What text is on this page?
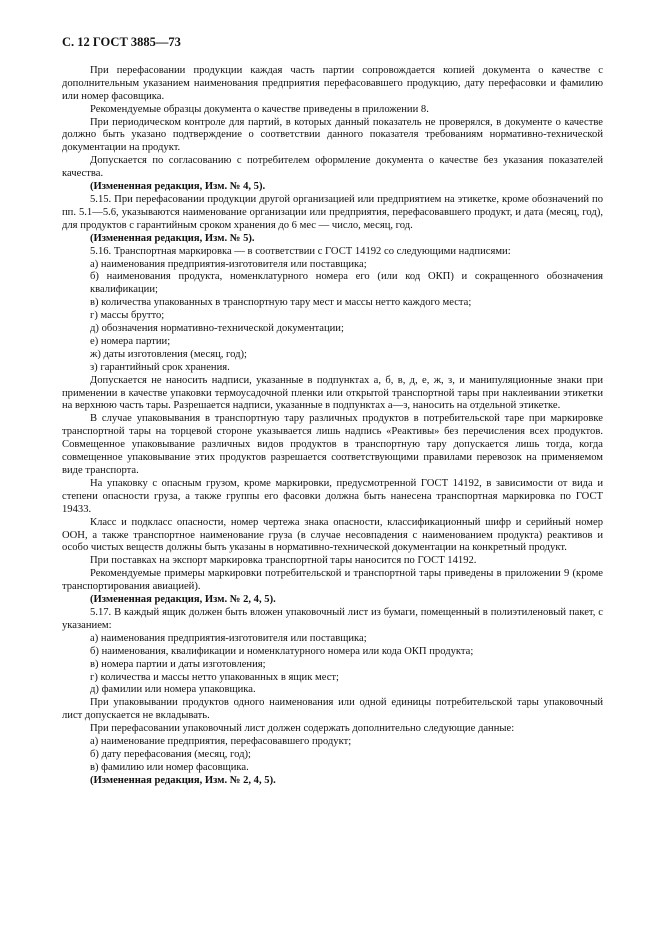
С. 12 ГОСТ 3885—73

При перефасовании продукции каждая часть партии сопровождается копией документа о качестве с дополнительным указанием наименования предприятия перефасовавшего продукцию, дату перефасовки и фамилию или номер фасовщика.

Рекомендуемые образцы документа о качестве приведены в приложении 8.

При периодическом контроле для партий, в которых данный показатель не проверялся, в документе о качестве должно быть указано подтверждение о соответствии данного показателя требованиям нормативно-технической документации на продукт.

Допускается по согласованию с потребителем оформление документа о качестве без указания показателей качества.

(Измененная редакция, Изм. № 4, 5).

5.15. При перефасовании продукции другой организацией или предприятием на этикетке, кроме обозначений по пп. 5.1—5.6, указываются наименование организации или предприятия, перефасовавшего продукт, и дата (месяц, год), для продуктов с гарантийным сроком хранения до 6 мес — число, месяц, год.

(Измененная редакция, Изм. № 5).

5.16. Транспортная маркировка — в соответствии с ГОСТ 14192 со следующими надписями:

а) наименования предприятия-изготовителя или поставщика;

б) наименования продукта, номенклатурного номера его (или код ОКП) и сокращенного обозначения квалификации;

в) количества упакованных в транспортную тару мест и массы нетто каждого места;

г) массы брутто;

д) обозначения нормативно-технической документации;

е) номера партии;

ж) даты изготовления (месяц, год);

з) гарантийный срок хранения.

Допускается не наносить надписи, указанные в подпунктах а, б, в, д, е, ж, з, и манипуляционные знаки при применении в качестве упаковки термоусадочной пленки или открытой транспортной тары при наклеивании этикетки на верхнюю часть тары. Разрешается надписи, указанные в подпунктах а—з, наносить на отдельной этикетке.

В случае упаковывания в транспортную тару различных продуктов в потребительской таре при маркировке транспортной тары на торцевой стороне указывается лишь надпись «Реактивы» без перечисления всех продуктов. Совмещенное упаковывание различных видов продуктов в транспортную тару допускается лишь тогда, когда совмещенное упаковывание этих продуктов разрешается соответствующими правилами перевозок на применяемом виде транспорта.

На упаковку с опасным грузом, кроме маркировки, предусмотренной ГОСТ 14192, в зависимости от вида и степени опасности груза, а также группы его фасовки должна быть нанесена транспортная маркировка по ГОСТ 19433.

Класс и подкласс опасности, номер чертежа знака опасности, классификационный шифр и серийный номер ООН, а также транспортное наименование груза (в случае несовпадения с наименованием продукта) реактивов и особо чистых веществ должны быть указаны в нормативно-технической документации на конкретный продукт.

При поставках на экспорт маркировка транспортной тары наносится по ГОСТ 14192.

Рекомендуемые примеры маркировки потребительской и транспортной тары приведены в приложении 9 (кроме транспортирования авиацией).

(Измененная редакция, Изм. № 2, 4, 5).

5.17. В каждый ящик должен быть вложен упаковочный лист из бумаги, помещенный в полиэтиленовый пакет, с указанием:

а) наименования предприятия-изготовителя или поставщика;

б) наименования, квалификации и номенклатурного номера или кода ОКП продукта;

в) номера партии и даты изготовления;

г) количества и массы нетто упакованных в ящик мест;

д) фамилии или номера упаковщика.

При упаковывании продуктов одного наименования или одной единицы потребительской тары упаковочный лист допускается не вкладывать.

При перефасовании упаковочный лист должен содержать дополнительно следующие данные:

а) наименование предприятия, перефасовавшего продукт;

б) дату перефасования (месяц, год);

в) фамилию или номер фасовщика.

(Измененная редакция, Изм. № 2, 4, 5).
